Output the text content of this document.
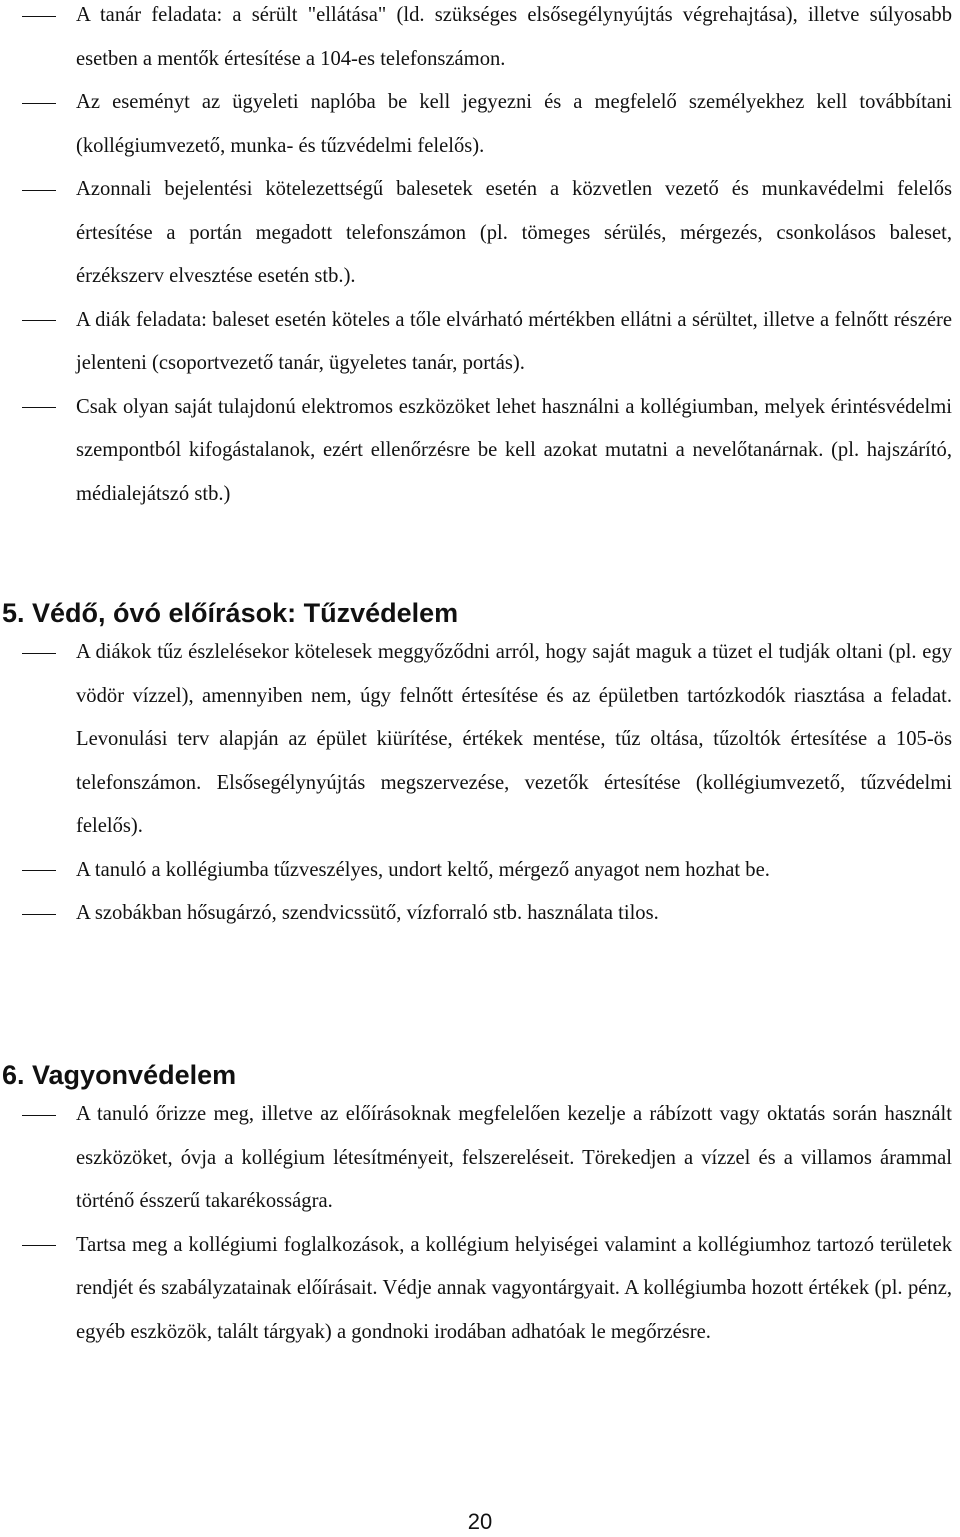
A tanár feladata: a sérült "ellátása" (ld. szükséges elsősegélynyújtás végrehajtása), illetve súlyosabb esetben a mentők értesítése a 104-es telefonszámon.
Az eseményt az ügyeleti naplóba be kell jegyezni és a megfelelő személyekhez kell továbbítani (kollégiumvezető, munka- és tűzvédelmi felelős).
Azonnali bejelentési kötelezettségű balesetek esetén a közvetlen vezető és munkavédelmi felelős értesítése a portán megadott telefonszámon (pl. tömeges sérülés, mérgezés, csonkolásos baleset, érzékszerv elvesztése esetén stb.).
A diák feladata: baleset esetén köteles a tőle elvárható mértékben ellátni a sérültet, illetve a felnőtt részére jelenteni (csoportvezető tanár, ügyeletes tanár, portás).
Csak olyan saját tulajdonú elektromos eszközöket lehet használni a kollégiumban, melyek érintésvédelmi szempontból kifogástalanok, ezért ellenőrzésre be kell azokat mutatni a nevelőtanárnak. (pl. hajszárító, médialejátszó stb.)
5. Védő, óvó előírások: Tűzvédelem
A diákok tűz észlelésekor kötelesek meggyőződni arról, hogy saját maguk a tüzet el tudják oltani (pl. egy vödör vízzel), amennyiben nem, úgy felnőtt értesítése és az épületben tartózkodók riasztása a feladat. Levonulási terv alapján az épület kiürítése, értékek mentése, tűz oltása, tűzoltók értesítése a 105-ös telefonszámon. Elsősegélynyújtás megszervezése, vezetők értesítése (kollégiumvezető, tűzvédelmi felelős).
A tanuló a kollégiumba tűzveszélyes, undort keltő, mérgező anyagot nem hozhat be.
A szobákban hősugárzó, szendvicssütő, vízforraló stb. használata tilos.
6. Vagyonvédelem
A tanuló őrizze meg, illetve az előírásoknak megfelelően kezelje a rábízott vagy oktatás során használt eszközöket, óvja a kollégium létesítményeit, felszereléseit. Törekedjen a vízzel és a villamos árammal történő ésszerű takarékosságra.
Tartsa meg a kollégiumi foglalkozások, a kollégium helyiségei valamint a kollégiumhoz tartozó területek rendjét és szabályzatainak előírásait. Védje annak vagyontárgyait. A kollégiumba hozott értékek (pl. pénz, egyéb eszközök, talált tárgyak) a gondnoki irodában adhatóak le megőrzésre.
20
